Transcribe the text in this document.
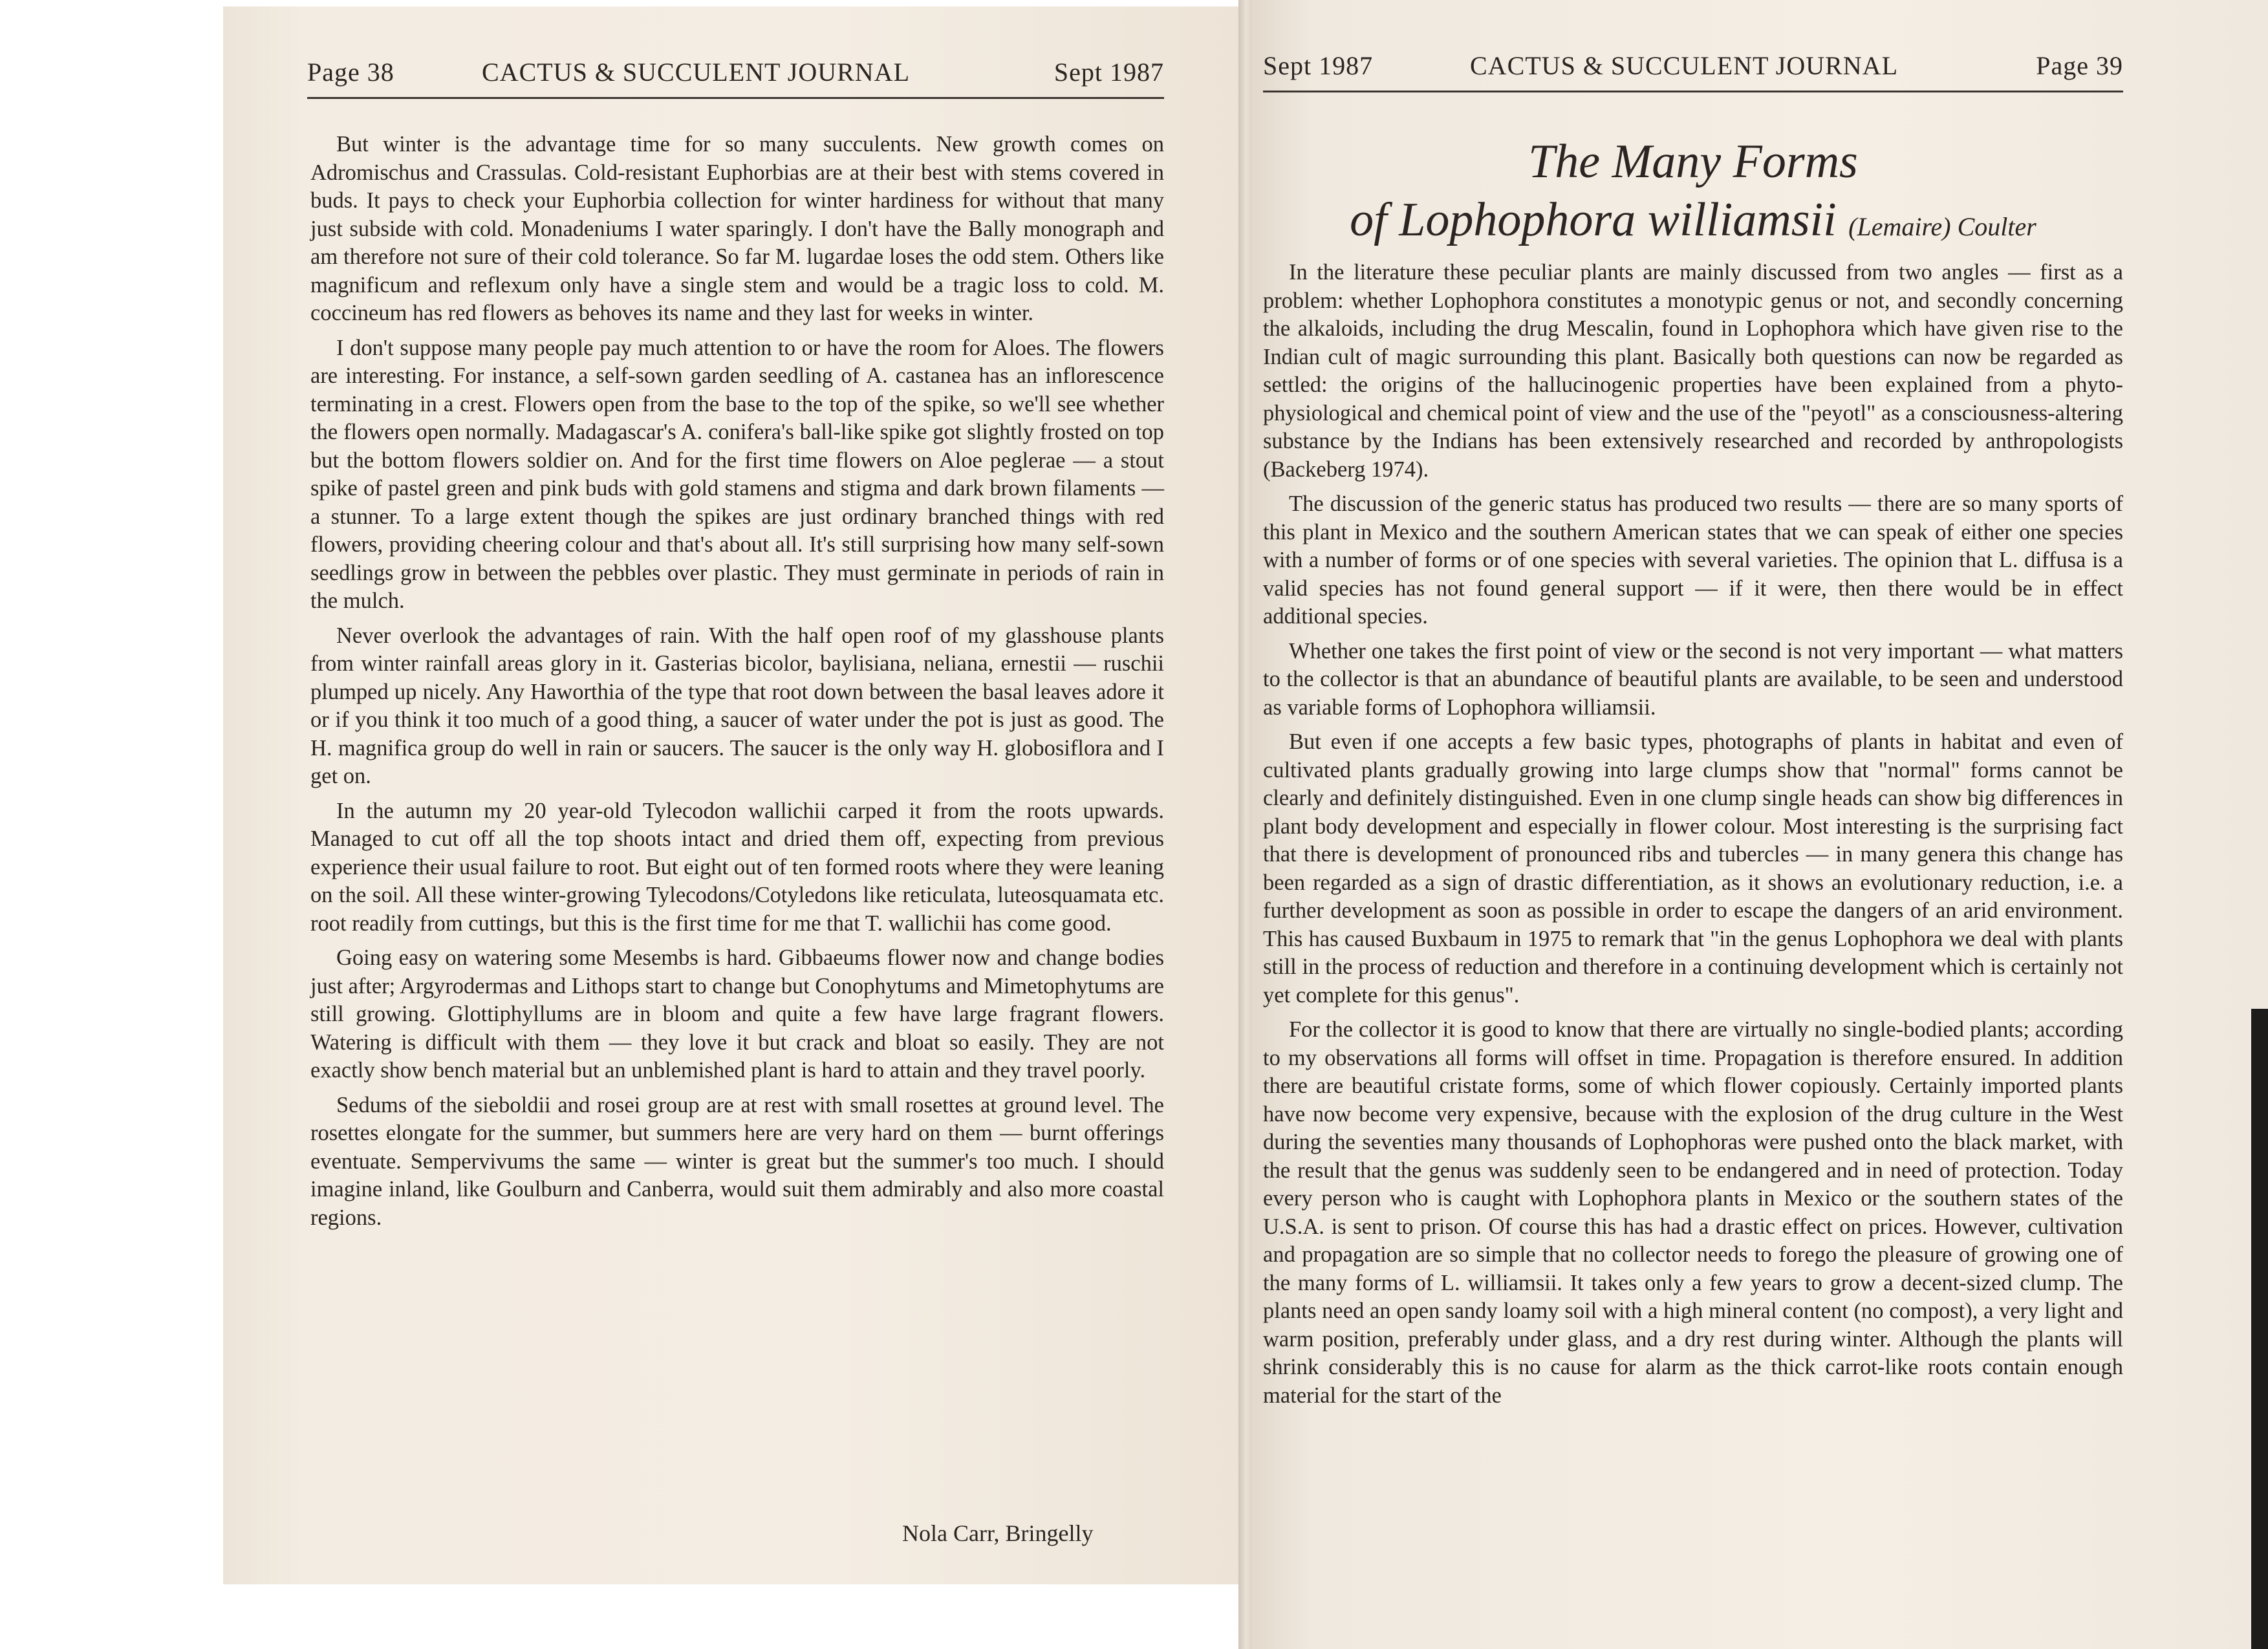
Page 38	CACTUS & SUCCULENT JOURNAL	Sept 1987

But winter is the advantage time for so many succulents. New growth comes on Adromischus and Crassulas. Cold-resistant Euphorbias are at their best with stems covered in buds. It pays to check your Euphorbia collection for winter hardiness for without that many just subside with cold. Monadeniums I water sparingly. I don't have the Bally monograph and am therefore not sure of their cold tolerance. So far M. lugardae loses the odd stem. Others like magnificum and reflexum only have a single stem and would be a tragic loss to cold. M. coccineum has red flowers as behoves its name and they last for weeks in winter.

I don't suppose many people pay much attention to or have the room for Aloes. The flowers are interesting. For instance, a self-sown garden seedling of A. castanea has an inflorescence terminating in a crest. Flowers open from the base to the top of the spike, so we'll see whether the flowers open normally. Madagascar's A. conifera's ball-like spike got slightly frosted on top but the bottom flowers soldier on. And for the first time flowers on Aloe peglerae — a stout spike of pastel green and pink buds with gold stamens and stigma and dark brown filaments — a stunner. To a large extent though the spikes are just ordinary branched things with red flowers, providing cheering colour and that's about all. It's still surprising how many self-sown seedlings grow in between the pebbles over plastic. They must germinate in periods of rain in the mulch.

Never overlook the advantages of rain. With the half open roof of my glasshouse plants from winter rainfall areas glory in it. Gasterias bicolor, baylisiana, neliana, ernestii — ruschii plumped up nicely. Any Haworthia of the type that root down between the basal leaves adore it or if you think it too much of a good thing, a saucer of water under the pot is just as good. The H. magnifica group do well in rain or saucers. The saucer is the only way H. globosiflora and I get on.

In the autumn my 20 year-old Tylecodon wallichii carped it from the roots upwards. Managed to cut off all the top shoots intact and dried them off, expecting from previous experience their usual failure to root. But eight out of ten formed roots where they were leaning on the soil. All these winter-growing Tylecodons/Cotyledons like reticulata, luteosquamata etc. root readily from cuttings, but this is the first time for me that T. wallichii has come good.

Going easy on watering some Mesembs is hard. Gibbaeums flower now and change bodies just after; Argyrodermas and Lithops start to change but Conophytums and Mimetophytums are still growing. Glottiphyllums are in bloom and quite a few have large fragrant flowers. Watering is difficult with them — they love it but crack and bloat so easily. They are not exactly show bench material but an unblemished plant is hard to attain and they travel poorly.

Sedums of the sieboldii and rosei group are at rest with small rosettes at ground level. The rosettes elongate for the summer, but summers here are very hard on them — burnt offerings eventuate. Sempervivums the same — winter is great but the summer's too much. I should imagine inland, like Goulburn and Canberra, would suit them admirably and also more coastal regions.

Nola Carr, Bringelly
Sept 1987	CACTUS & SUCCULENT JOURNAL	Page 39
The Many Forms
of Lophophora williamsii (Lemaire) Coulter

In the literature these peculiar plants are mainly discussed from two angles — first as a problem: whether Lophophora constitutes a monotypic genus or not, and secondly concerning the alkaloids, including the drug Mescalin, found in Lophophora which have given rise to the Indian cult of magic surrounding this plant. Basically both questions can now be regarded as settled: the origins of the hallucinogenic properties have been explained from a phyto-physiological and chemical point of view and the use of the "peyotl" as a consciousness-altering substance by the Indians has been extensively researched and recorded by anthropologists (Backeberg 1974).

The discussion of the generic status has produced two results — there are so many sports of this plant in Mexico and the southern American states that we can speak of either one species with a number of forms or of one species with several varieties. The opinion that L. diffusa is a valid species has not found general support — if it were, then there would be in effect additional species.

Whether one takes the first point of view or the second is not very important — what matters to the collector is that an abundance of beautiful plants are available, to be seen and understood as variable forms of Lophophora williamsii.

But even if one accepts a few basic types, photographs of plants in habitat and even of cultivated plants gradually growing into large clumps show that "normal" forms cannot be clearly and definitely distinguished. Even in one clump single heads can show big differences in plant body development and especially in flower colour. Most interesting is the surprising fact that there is development of pronounced ribs and tubercles — in many genera this change has been regarded as a sign of drastic differentiation, as it shows an evolutionary reduction, i.e. a further development as soon as possible in order to escape the dangers of an arid environment. This has caused Buxbaum in 1975 to remark that "in the genus Lophophora we deal with plants still in the process of reduction and therefore in a continuing development which is certainly not yet complete for this genus".

For the collector it is good to know that there are virtually no single-bodied plants; according to my observations all forms will offset in time. Propagation is therefore ensured. In addition there are beautiful cristate forms, some of which flower copiously. Certainly imported plants have now become very expensive, because with the explosion of the drug culture in the West during the seventies many thousands of Lophophoras were pushed onto the black market, with the result that the genus was suddenly seen to be endangered and in need of protection. Today every person who is caught with Lophophora plants in Mexico or the southern states of the U.S.A. is sent to prison. Of course this has had a drastic effect on prices. However, cultivation and propagation are so simple that no collector needs to forego the pleasure of growing one of the many forms of L. williamsii. It takes only a few years to grow a decent-sized clump. The plants need an open sandy loamy soil with a high mineral content (no compost), a very light and warm position, preferably under glass, and a dry rest during winter. Although the plants will shrink considerably this is no cause for alarm as the thick carrot-like roots contain enough material for the start of the
